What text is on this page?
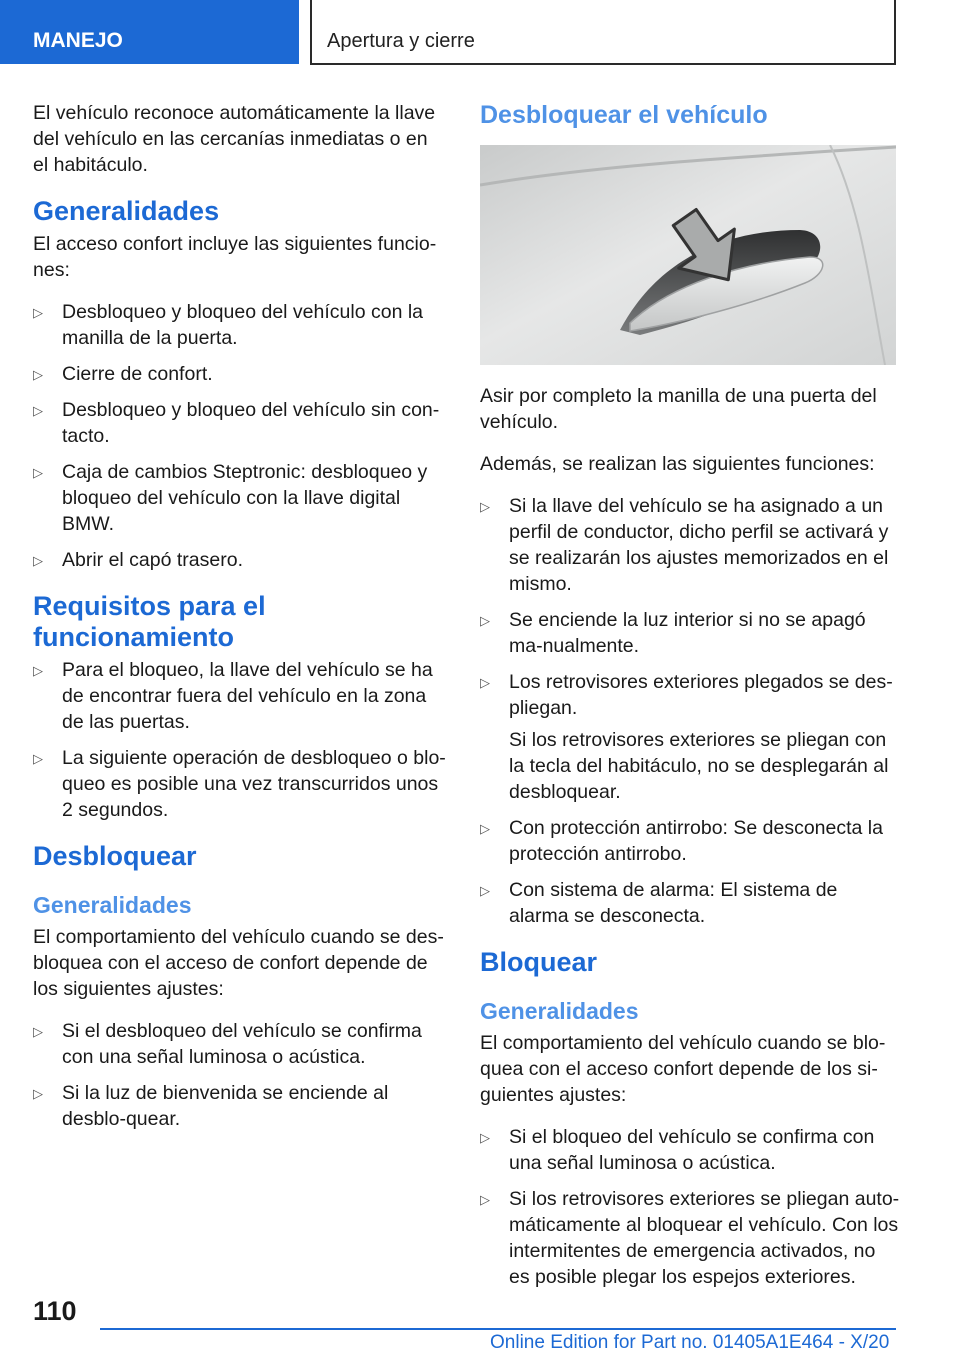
MANEJO	Apertura y cierre

El vehículo reconoce automáticamente la llave del vehículo en las cercanías inmediatas o en el habitáculo.

Generalidades

El acceso confort incluye las siguientes funcio-nes:

▷ Desbloqueo y bloqueo del vehículo con la manilla de la puerta.
▷ Cierre de confort.
▷ Desbloqueo y bloqueo del vehículo sin con-tacto.
▷ Caja de cambios Steptronic: desbloqueo y bloqueo del vehículo con la llave digital BMW.
▷ Abrir el capó trasero.
Requisitos para el funcionamiento
▷ Para el bloqueo, la llave del vehículo se ha de encontrar fuera del vehículo en la zona de las puertas.
▷ La siguiente operación de desbloqueo o blo-queo es posible una vez transcurridos unos 2 segundos.
Desbloquear
Generalidades

El comportamiento del vehículo cuando se des-bloquea con el acceso de confort depende de los siguientes ajustes:

▷ Si el desbloqueo del vehículo se confirma con una señal luminosa o acústica.
▷ Si la luz de bienvenida se enciende al desblo-quear.
Desbloquear el vehículo

Asir por completo la manilla de una puerta del vehículo.

Además, se realizan las siguientes funciones:

▷ Si la llave del vehículo se ha asignado a un perfil de conductor, dicho perfil se activará y se realizarán los ajustes memorizados en el mismo.
▷ Se enciende la luz interior si no se apagó ma-nualmente.
▷ Los retrovisores exteriores plegados se des-pliegan.
Si los retrovisores exteriores se pliegan con la tecla del habitáculo, no se desplegarán al desbloquear.
▷ Con protección antirrobo: Se desconecta la protección antirrobo.
▷ Con sistema de alarma: El sistema de alarma se desconecta.
Bloquear
Generalidades

El comportamiento del vehículo cuando se blo-quea con el acceso confort depende de los si-guientes ajustes:

▷ Si el bloqueo del vehículo se confirma con una señal luminosa o acústica.
▷ Si los retrovisores exteriores se pliegan auto-máticamente al bloquear el vehículo. Con los intermitentes de emergencia activados, no es posible plegar los espejos exteriores.
110
Online Edition for Part no. 01405A1E464 - X/20
